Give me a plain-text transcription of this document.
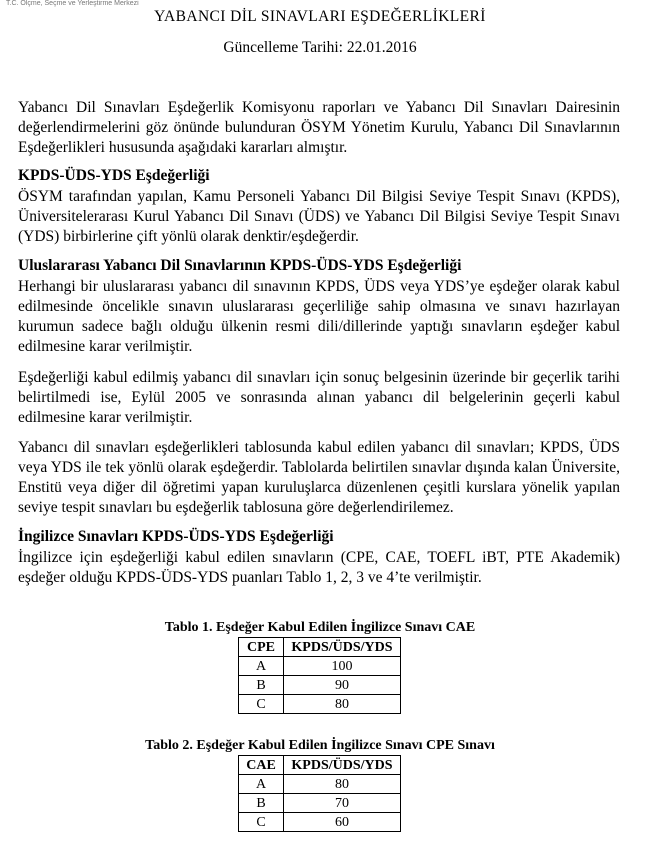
T.C. Ölçme, Seçme ve Yerleştirme Merkezi
YABANCI DİL SINAVLARI EŞDEĞERLİKLERİ
Güncelleme Tarihi: 22.01.2016
Yabancı Dil Sınavları Eşdeğerlik Komisyonu raporları ve Yabancı Dil Sınavları Dairesinin değerlendirmelerini göz önünde bulunduran ÖSYM Yönetim Kurulu, Yabancı Dil Sınavlarının Eşdeğerlikleri hususunda aşağıdaki kararları almıştır.
KPDS-ÜDS-YDS Eşdeğerliği
ÖSYM tarafından yapılan, Kamu Personeli Yabancı Dil Bilgisi Seviye Tespit Sınavı (KPDS), Üniversitelerarası Kurul Yabancı Dil Sınavı (ÜDS) ve Yabancı Dil Bilgisi Seviye Tespit Sınavı (YDS) birbirlerine çift yönlü olarak denktir/eşdeğerdir.
Uluslararası Yabancı Dil Sınavlarının KPDS-ÜDS-YDS Eşdeğerliği
Herhangi bir uluslararası yabancı dil sınavının KPDS, ÜDS veya YDS’ye eşdeğer olarak kabul edilmesinde öncelikle sınavın uluslararası geçerliliğe sahip olmasına ve sınavı hazırlayan kurumun sadece bağlı olduğu ülkenin resmi dili/dillerinde yaptığı sınavların eşdeğer kabul edilmesine karar verilmiştir.
Eşdeğerliği kabul edilmiş yabancı dil sınavları için sonuç belgesinin üzerinde bir geçerlik tarihi belirtilmedi ise, Eylül 2005 ve sonrasında alınan yabancı dil belgelerinin geçerli kabul edilmesine karar verilmiştir.
Yabancı dil sınavları eşdeğerlikleri tablosunda kabul edilen yabancı dil sınavları; KPDS, ÜDS veya YDS ile tek yönlü olarak eşdeğerdir. Tablolarda belirtilen sınavlar dışında kalan Üniversite, Enstitü veya diğer dil öğretimi yapan kuruluşlarca düzenlenen çeşitli kurslara yönelik yapılan seviye tespit sınavları bu eşdeğerlik tablosuna göre değerlendirilemez.
İngilizce Sınavları KPDS-ÜDS-YDS Eşdeğerliği
İngilizce için eşdeğerliği kabul edilen sınavların (CPE, CAE, TOEFL iBT, PTE Akademik) eşdeğer olduğu KPDS-ÜDS-YDS puanları Tablo 1, 2, 3 ve 4’te verilmiştir.
Tablo 1. Eşdeğer Kabul Edilen İngilizce Sınavı CAE
CPE	KPDS/ÜDS/YDS
A	100
B	90
C	80
Tablo 2. Eşdeğer Kabul Edilen İngilizce Sınavı CPE Sınavı
CAE	KPDS/ÜDS/YDS
A	80
B	70
C	60
